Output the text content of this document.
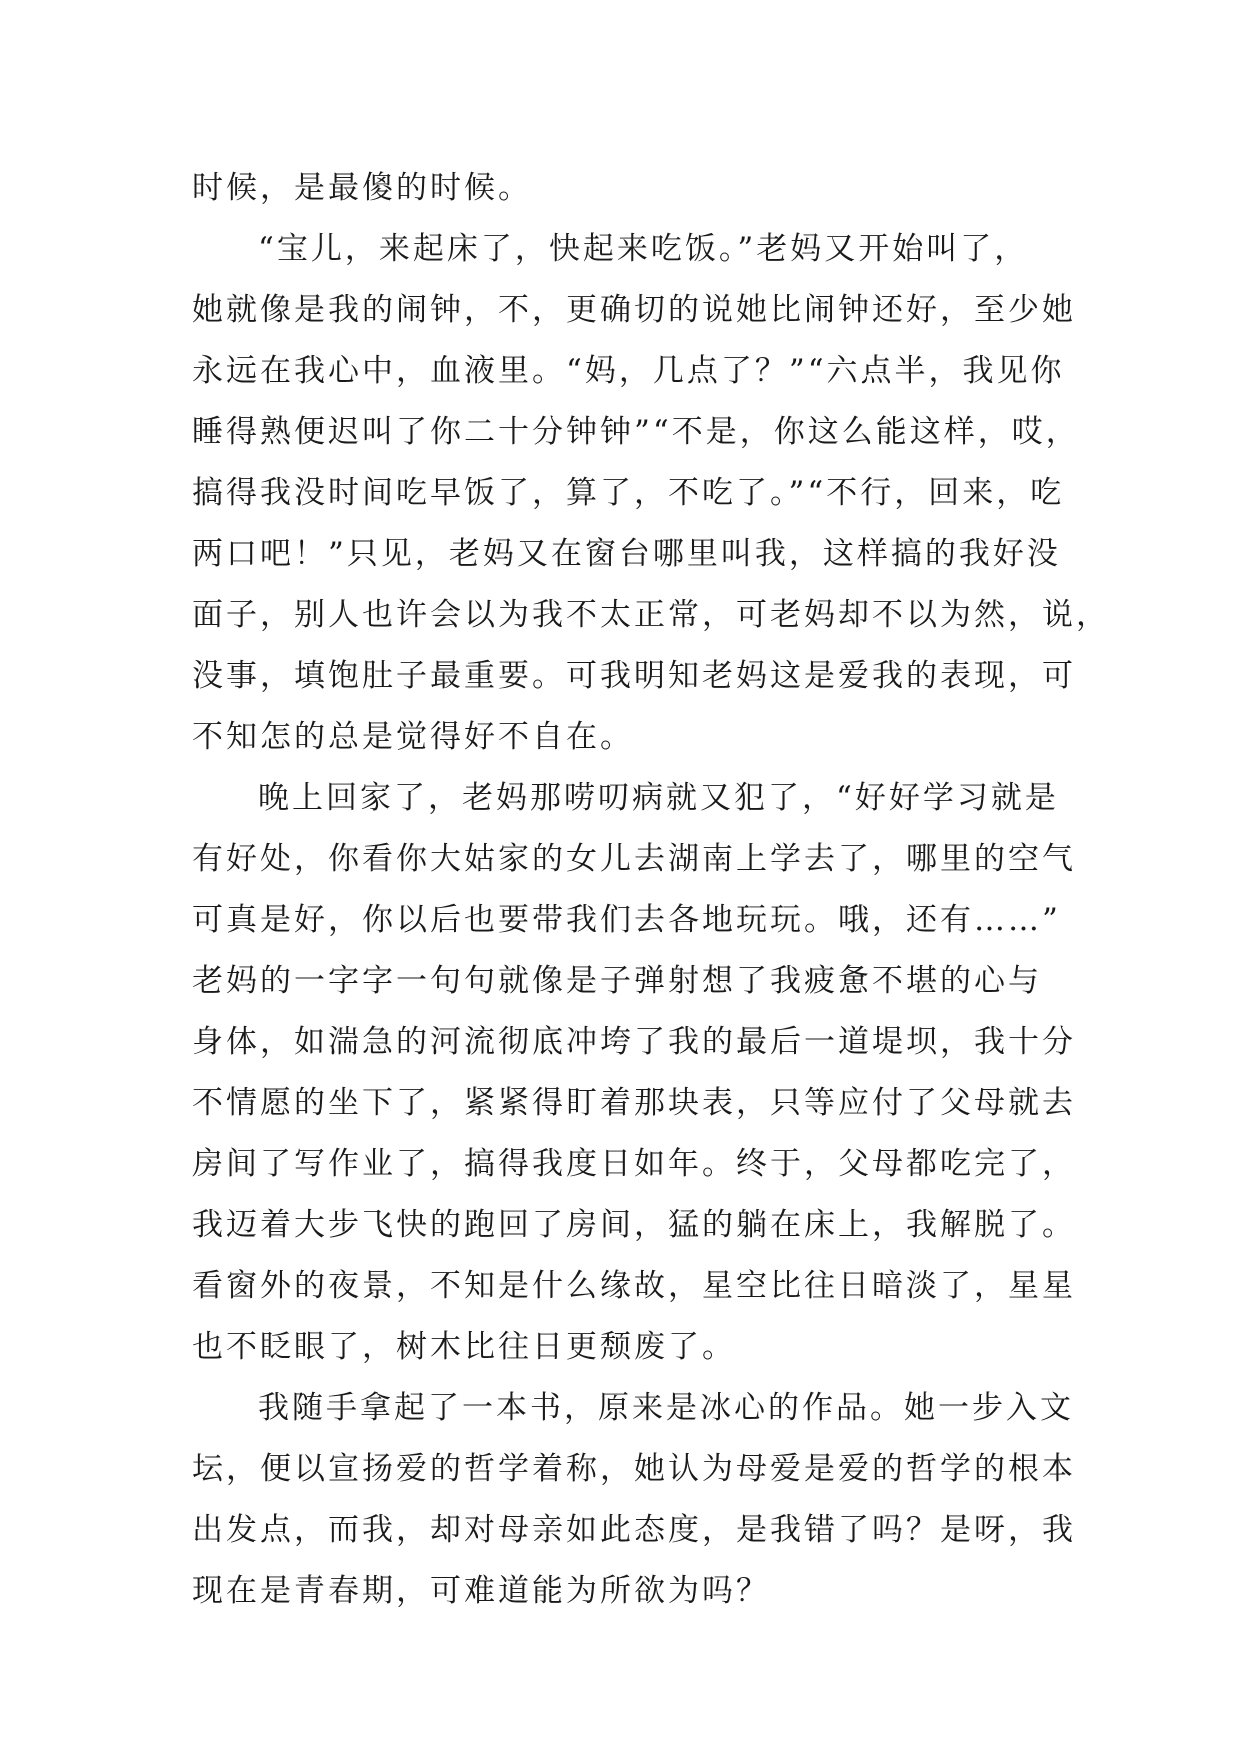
时候，是最傻的时候。
“宝儿，来起床了，快起来吃饭。”老妈又开始叫了，
她就像是我的闹钟，不，更确切的说她比闹钟还好，至少她
永远在我心中，血液里。“妈，几点了？”“六点半，我见你
睡得熟便迟叫了你二十分钟钟”“不是，你这么能这样，哎，
搞得我没时间吃早饭了，算了，不吃了。”“不行，回来，吃
两口吧！”只见，老妈又在窗台哪里叫我，这样搞的我好没
面子，别人也许会以为我不太正常，可老妈却不以为然，说，
没事，填饱肚子最重要。可我明知老妈这是爱我的表现，可
不知怎的总是觉得好不自在。
晚上回家了，老妈那唠叨病就又犯了，“好好学习就是
有好处，你看你大姑家的女儿去湖南上学去了，哪里的空气
可真是好，你以后也要带我们去各地玩玩。哦，还有……”
老妈的一字字一句句就像是子弹射想了我疲惫不堪的心与
身体，如湍急的河流彻底冲垮了我的最后一道堤坝，我十分
不情愿的坐下了，紧紧得盯着那块表，只等应付了父母就去
房间了写作业了，搞得我度日如年。终于，父母都吃完了，
我迈着大步飞快的跑回了房间，猛的躺在床上，我解脱了。
看窗外的夜景，不知是什么缘故，星空比往日暗淡了，星星
也不眨眼了，树木比往日更颓废了。
我随手拿起了一本书，原来是冰心的作品。她一步入文
坛，便以宣扬爱的哲学着称，她认为母爱是爱的哲学的根本
出发点，而我，却对母亲如此态度，是我错了吗？是呀，我
现在是青春期，可难道能为所欲为吗？
